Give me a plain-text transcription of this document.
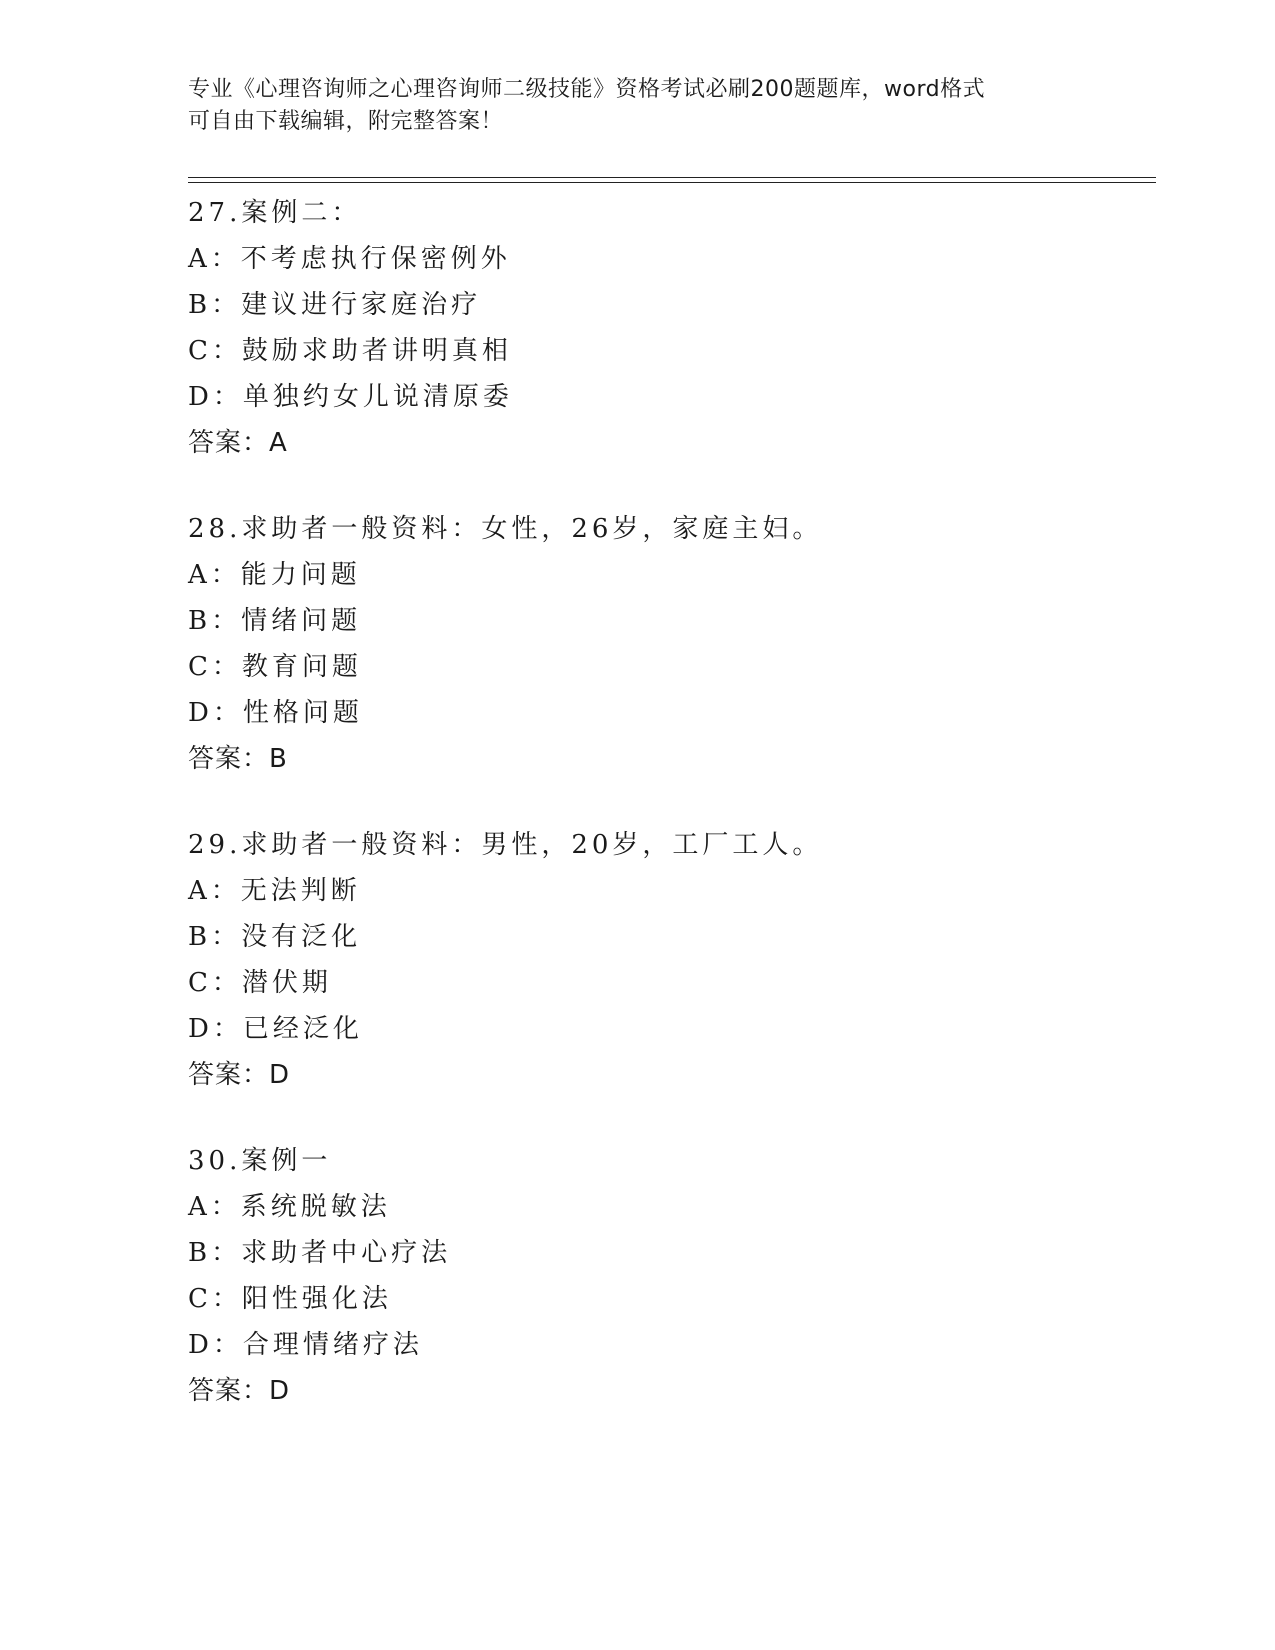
专业《心理咨询师之心理咨询师二级技能》资格考试必刷200题题库，word格式
可自由下载编辑，附完整答案！
27.案例二：
A：不考虑执行保密例外
B：建议进行家庭治疗
C：鼓励求助者讲明真相
D：单独约女儿说清原委
答案：A
28.求助者一般资料：女性，26岁，家庭主妇。
A：能力问题
B：情绪问题
C：教育问题
D：性格问题
答案：B
29.求助者一般资料：男性，20岁，工厂工人。
A：无法判断
B：没有泛化
C：潜伏期
D：已经泛化
答案：D
30.案例一
A：系统脱敏法
B：求助者中心疗法
C：阳性强化法
D：合理情绪疗法
答案：D
